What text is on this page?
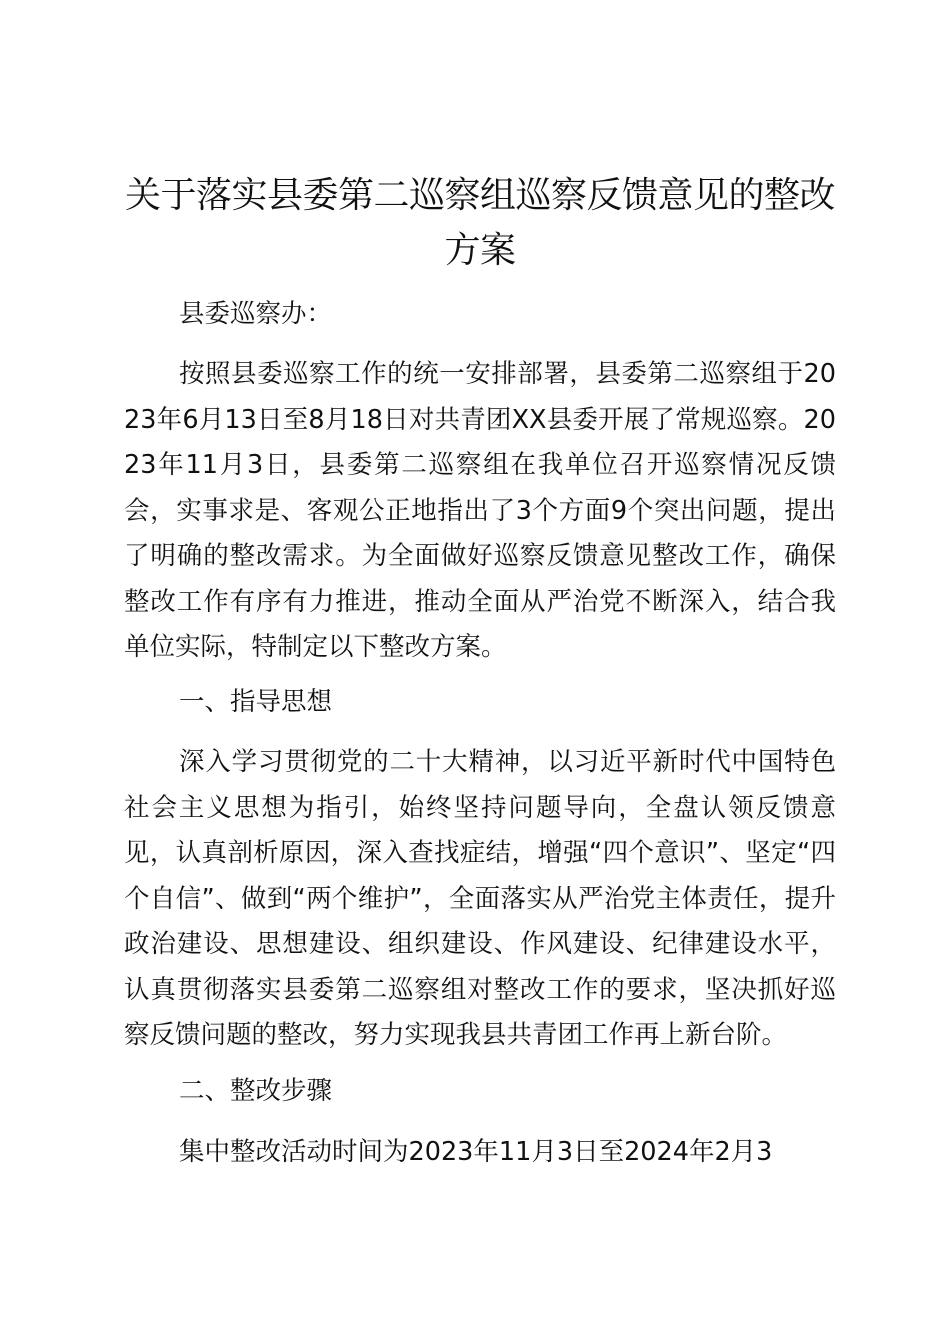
关于落实县委第二巡察组巡察反馈意见的整改方案

县委巡察办：

按照县委巡察工作的统一安排部署，县委第二巡察组于2023年6月13日至8月18日对共青团XX县委开展了常规巡察。2023年11月3日，县委第二巡察组在我单位召开巡察情况反馈会，实事求是、客观公正地指出了3个方面9个突出问题，提出了明确的整改需求。为全面做好巡察反馈意见整改工作，确保整改工作有序有力推进，推动全面从严治党不断深入，结合我单位实际，特制定以下整改方案。

一、指导思想

深入学习贯彻党的二十大精神，以习近平新时代中国特色社会主义思想为指引，始终坚持问题导向，全盘认领反馈意见，认真剖析原因，深入查找症结，增强“四个意识”、坚定“四个自信”、做到“两个维护”，全面落实从严治党主体责任，提升政治建设、思想建设、组织建设、作风建设、纪律建设水平，认真贯彻落实县委第二巡察组对整改工作的要求，坚决抓好巡察反馈问题的整改，努力实现我县共青团工作再上新台阶。

二、整改步骤

集中整改活动时间为2023年11月3日至2024年2月3
